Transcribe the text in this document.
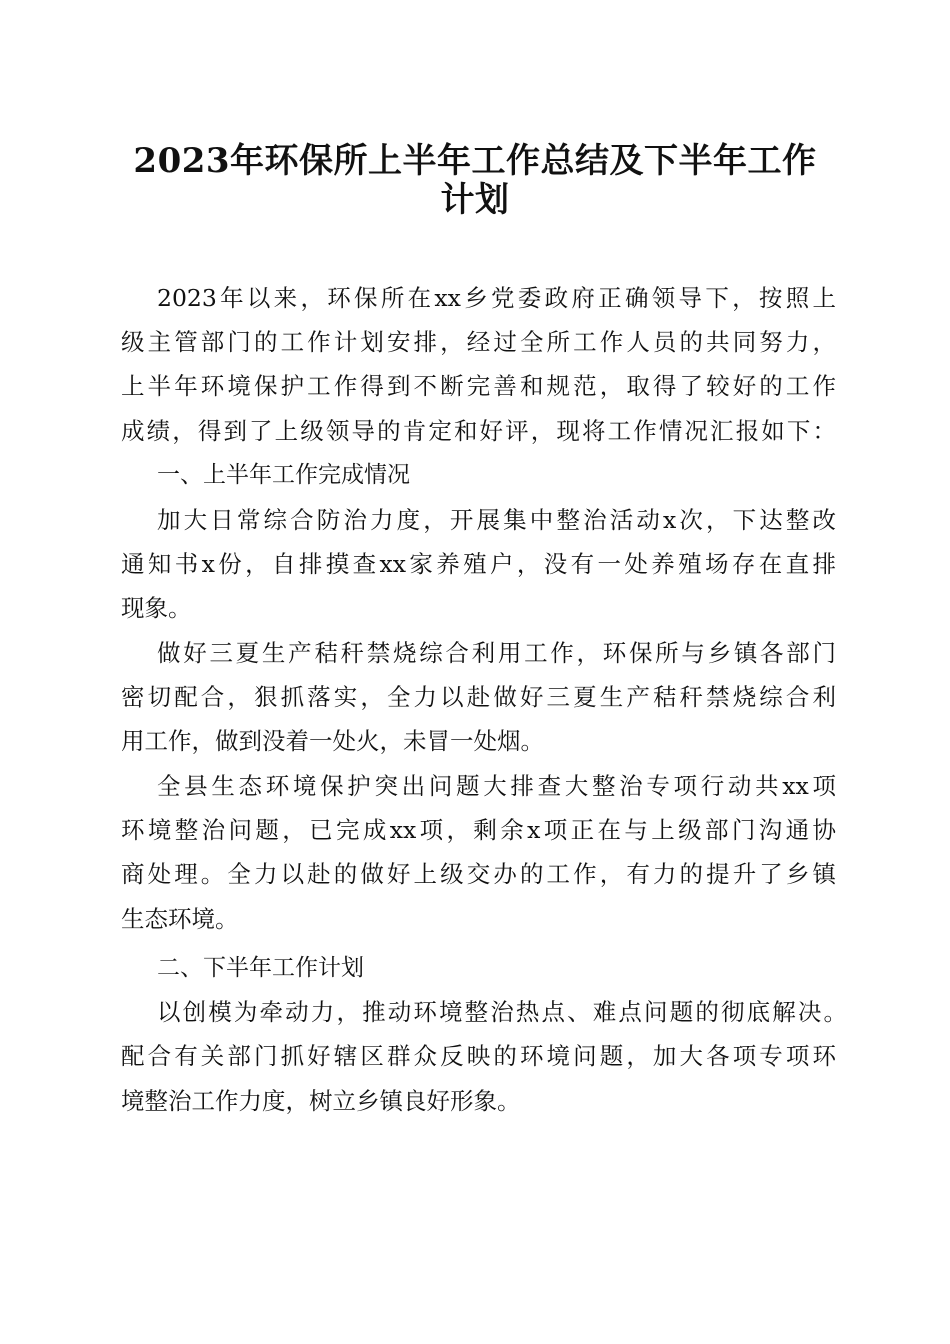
2023年环保所上半年工作总结及下半年工作
计划
2023年以来，环保所在xx乡党委政府正确领导下，按照上
级主管部门的工作计划安排，经过全所工作人员的共同努力，
上半年环境保护工作得到不断完善和规范，取得了较好的工作
成绩，得到了上级领导的肯定和好评，现将工作情况汇报如下：
一、上半年工作完成情况
加大日常综合防治力度，开展集中整治活动x次，下达整改
通知书x份，自排摸查xx家养殖户，没有一处养殖场存在直排
现象。
做好三夏生产秸秆禁烧综合利用工作，环保所与乡镇各部门
密切配合，狠抓落实，全力以赴做好三夏生产秸秆禁烧综合利
用工作，做到没着一处火，未冒一处烟。
全县生态环境保护突出问题大排查大整治专项行动共xx项
环境整治问题，已完成xx项，剩余x项正在与上级部门沟通协
商处理。全力以赴的做好上级交办的工作，有力的提升了乡镇
生态环境。
二、下半年工作计划
以创模为牵动力，推动环境整治热点、难点问题的彻底解决。
配合有关部门抓好辖区群众反映的环境问题，加大各项专项环
境整治工作力度，树立乡镇良好形象。
